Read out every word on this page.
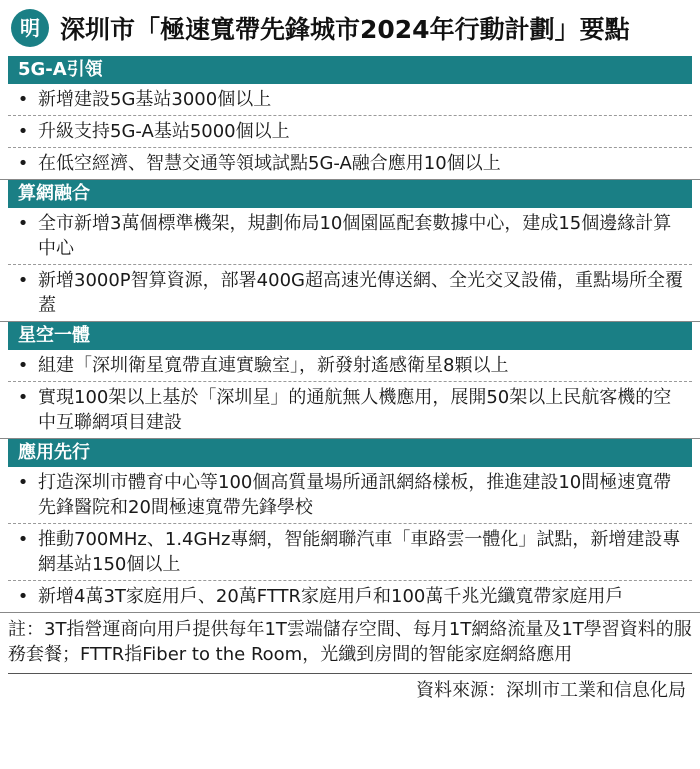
明 深圳市「極速寬帶先鋒城市2024年行動計劃」要點
5G-A引領
• 新增建設5G基站3000個以上
• 升級支持5G-A基站5000個以上
• 在低空經濟、智慧交通等領域試點5G-A融合應用10個以上
算網融合
• 全市新增3萬個標準機架，規劃佈局10個園區配套數據中心，建成15個邊緣計算中心
• 新增3000P智算資源，部署400G超高速光傳送網、全光交叉設備，重點場所全覆蓋
星空一體
• 組建「深圳衛星寬帶直連實驗室」，新發射遙感衛星8顆以上
• 實現100架以上基於「深圳星」的通航無人機應用，展開50架以上民航客機的空中互聯網項目建設
應用先行
• 打造深圳市體育中心等100個高質量場所通訊網絡樣板，推進建設10間極速寬帶先鋒醫院和20間極速寬帶先鋒學校
• 推動700MHz、1.4GHz專網，智能網聯汽車「車路雲一體化」試點，新增建設專網基站150個以上
• 新增4萬3T家庭用戶、20萬FTTR家庭用戶和100萬千兆光纖寬帶家庭用戶
註：3T指營運商向用戶提供每年1T雲端儲存空間、每月1T網絡流量及1T學習資料的服務套餐；FTTR指Fiber to the Room，光纖到房間的智能家庭網絡應用
資料來源：深圳市工業和信息化局
